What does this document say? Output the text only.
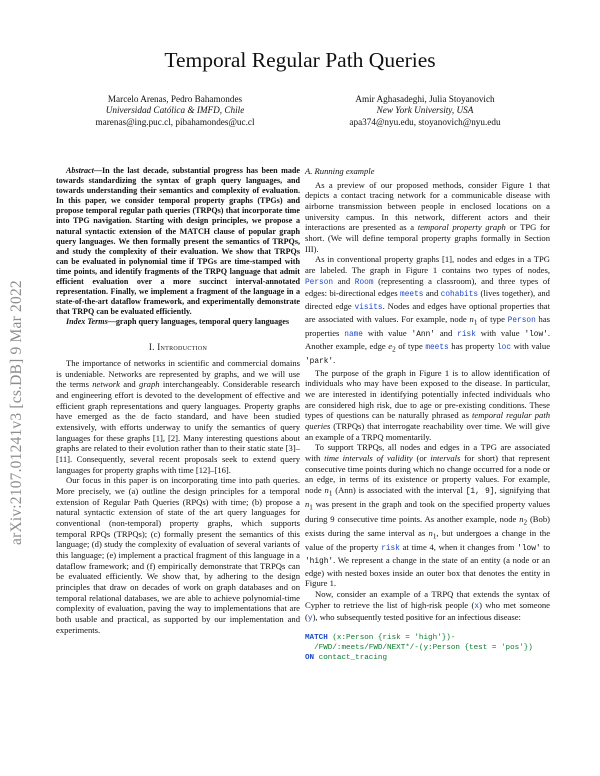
arXiv:2107.01241v3 [cs.DB] 9 Mar 2022
Temporal Regular Path Queries
Marcelo Arenas, Pedro Bahamondes
Universidad Católica & IMFD, Chile
marenas@ing.puc.cl, pibahamondes@uc.cl
Amir Aghasadeghi, Julia Stoyanovich
New York University, USA
apa374@nyu.edu, stoyanovich@nyu.edu

Abstract—In the last decade, substantial progress has been made towards standardizing the syntax of graph query languages, and towards understanding their semantics and complexity of evaluation. In this paper, we consider temporal property graphs (TPGs) and propose temporal regular path queries (TRPQs) that incorporate time into TPG navigation. Starting with design principles, we propose a natural syntactic extension of the MATCH clause of popular graph query languages. We then formally present the semantics of TRPQs, and study the complexity of their evaluation. We show that TRPQs can be evaluated in polynomial time if TPGs are time-stamped with time points, and identify fragments of the TRPQ language that admit efficient evaluation over a more succinct interval-annotated representation. Finally, we implement a fragment of the language in a state-of-the-art dataflow framework, and experimentally demonstrate that TRPQ can be evaluated efficiently.

Index Terms—graph query languages, temporal query languages

I. Introduction

The importance of networks in scientific and commercial domains is undeniable. Networks are represented by graphs, and we will use the terms network and graph interchangeably. Considerable research and engineering effort is devoted to the development of effective and efficient graph representations and query languages. Property graphs have emerged as the de facto standard, and have been studied extensively, with efforts underway to unify the semantics of query languages for these graphs [1], [2]. Many interesting questions about graphs are related to their evolution rather than to their static state [3]–[11]. Consequently, several recent proposals seek to extend query languages for property graphs with time [12]–[16].

Our focus in this paper is on incorporating time into path queries. More precisely, we (a) outline the design principles for a temporal extension of Regular Path Queries (RPQs) with time; (b) propose a natural syntactic extension of state of the art query languages for conventional (non-temporal) property graphs, which supports temporal RPQs (TRPQs); (c) formally present the semantics of this language; (d) study the complexity of evaluation of several variants of this language; (e) implement a practical fragment of this language in a dataflow framework; and (f) empirically demonstrate that TRPQs can be evaluated efficiently. We show that, by adhering to the design principles that draw on decades of work on graph databases and on temporal relational databases, we are able to achieve polynomial-time complexity of evaluation, paving the way to implementations that are both usable and practical, as supported by our implementation and experiments.

A. Running example

As a preview of our proposed methods, consider Figure 1 that depicts a contact tracing network for a communicable disease with airborne transmission between people in enclosed locations on a university campus. In this network, different actors and their interactions are presented as a temporal property graph or TPG for short. (We will define temporal property graphs formally in Section III).

As in conventional property graphs [1], nodes and edges in a TPG are labeled. The graph in Figure 1 contains two types of nodes, Person and Room (representing a classroom), and three types of edges: bi-directional edges meets and cohabits (lives together), and directed edge visits. Nodes and edges have optional properties that are associated with values. For example, node $n_1$ of type Person has properties name with value 'Ann' and risk with value 'low'. Another example, edge $e_2$ of type meets has property loc with value 'park'.

The purpose of the graph in Figure 1 is to allow identification of individuals who may have been exposed to the disease. In particular, we are interested in identifying potentially infected individuals who are considered high risk, due to age or pre-existing conditions. These types of questions can be naturally phrased as temporal regular path queries (TRPQs) that interrogate reachability over time. We will give an example of a TRPQ momentarily.

To support TRPQs, all nodes and edges in a TPG are associated with time intervals of validity (or intervals for short) that represent consecutive time points during which no change occurred for a node or an edge, in terms of its existence or property values. For example, node $n_1$ (Ann) is associated with the interval [1, 9], signifying that $n_1$ was present in the graph and took on the specified property values during 9 consecutive time points. As another example, node $n_2$ (Bob) exists during the same interval as $n_1$, but undergoes a change in the value of the property risk at time 4, when it changes from 'low' to 'high'. We represent a change in the state of an entity (a node or an edge) with nested boxes inside an outer box that denotes the entity in Figure 1.

Now, consider an example of a TRPQ that extends the syntax of Cypher to retrieve the list of high-risk people (x) who met someone (y), who subsequently tested positive for an infectious disease:

MATCH (x:Person {risk = 'high'})-
/FWD/:meets/FWD/NEXT*/-(y:Person {test = 'pos'})
ON contact_tracing
